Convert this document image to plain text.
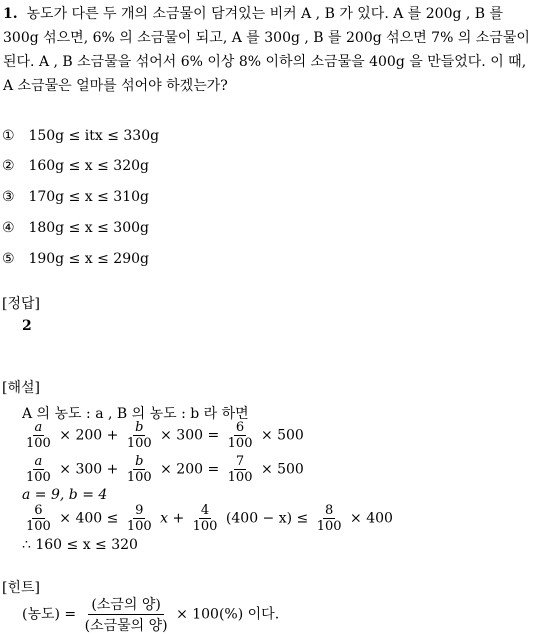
1. 농도가 다른 두 개의 소금물이 담겨있는 비커 A , B 가 있다. A 를 200g , B 를 300g 섞으면, 6% 의 소금물이 되고, A 를 300g , B 를 200g 섞으면 7% 의 소금물이 된다. A , B 소금물을 섞어서 6% 이상 8% 이하의 소금물을 400g 을 만들었다. 이 때, A 소금물은 얼마를 섞어야 하겠는가?
① 150g ≤ itx ≤ 330g
② 160g ≤ x ≤ 320g
③ 170g ≤ x ≤ 310g
④ 180g ≤ x ≤ 300g
⑤ 190g ≤ x ≤ 290g
[정답]
2
[해설]
A 의 농도 : a , B 의 농도 : b 라 하면
$\frac{a}{100} \times 200 + \frac{b}{100} \times 300 = \frac{6}{100} \times 500$
$\frac{a}{100} \times 300 + \frac{b}{100} \times 200 = \frac{7}{100} \times 500$
a = 9, b = 4
$\frac{6}{100} \times 400 \le \frac{9}{100}$ $x + \frac{4}{100} (400 - x) \le \frac{8}{100} \times 400$
∴ 160 ≤ x ≤ 320
[힌트]
(농도) =
(소금의 양)
(소금물의 양)
× 100(%) 이다.
